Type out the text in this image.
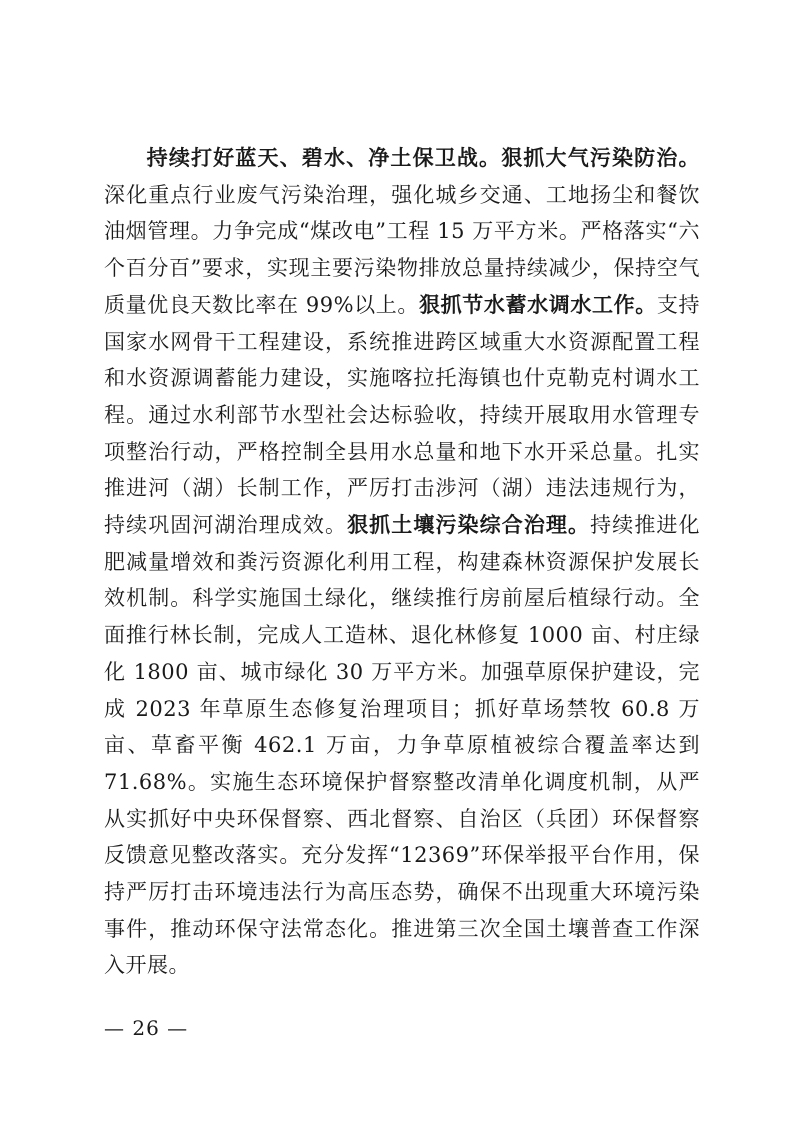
持续打好蓝天、碧水、净土保卫战。狠抓大气污染防治。深化重点行业废气污染治理，强化城乡交通、工地扬尘和餐饮油烟管理。力争完成“煤改电”工程 15 万平方米。严格落实“六个百分百”要求，实现主要污染物排放总量持续减少，保持空气质量优良天数比率在 99%以上。狠抓节水蓄水调水工作。支持国家水网骨干工程建设，系统推进跨区域重大水资源配置工程和水资源调蓄能力建设，实施喀拉托海镇也什克勒克村调水工程。通过水利部节水型社会达标验收，持续开展取用水管理专项整治行动，严格控制全县用水总量和地下水开采总量。扎实推进河（湖）长制工作，严厉打击涉河（湖）违法违规行为，持续巩固河湖治理成效。狠抓土壤污染综合治理。持续推进化肥减量增效和粪污资源化利用工程，构建森林资源保护发展长效机制。科学实施国土绿化，继续推行房前屋后植绿行动。全面推行林长制，完成人工造林、退化林修复 1000 亩、村庄绿化 1800 亩、城市绿化 30 万平方米。加强草原保护建设，完成 2023 年草原生态修复治理项目；抓好草场禁牧 60.8 万亩、草畜平衡 462.1 万亩，力争草原植被综合覆盖率达到 71.68%。实施生态环境保护督察整改清单化调度机制，从严从实抓好中央环保督察、西北督察、自治区（兵团）环保督察反馈意见整改落实。充分发挥“12369”环保举报平台作用，保持严厉打击环境违法行为高压态势，确保不出现重大环境污染事件，推动环保守法常态化。推进第三次全国土壤普查工作深入开展。

— 26 —
